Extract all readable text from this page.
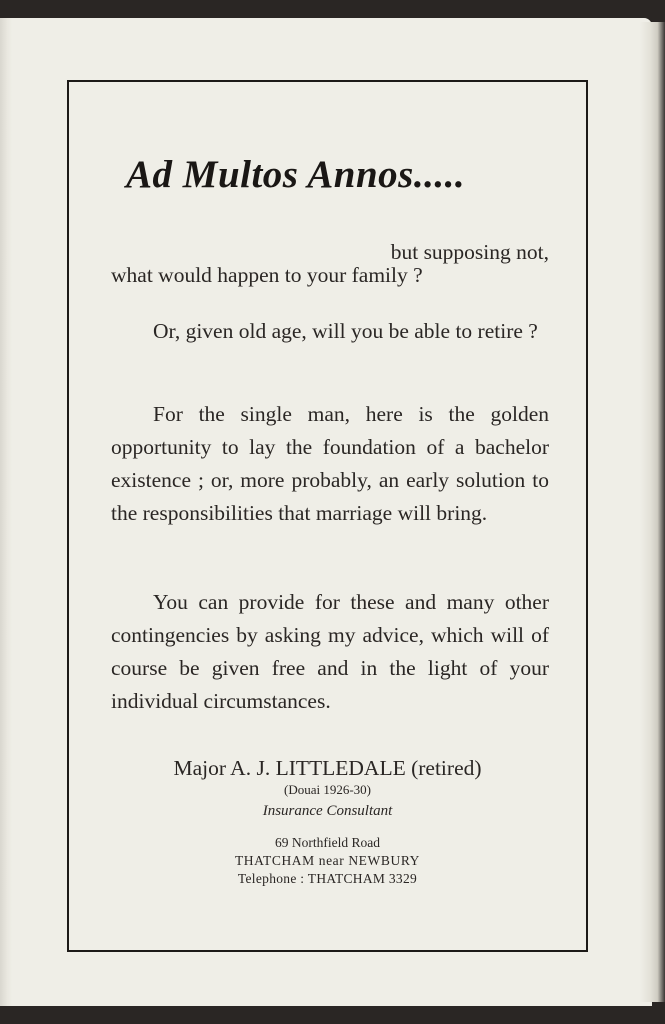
Ad Multos Annos.....
but supposing not,
what would happen to your family ?
Or, given old age, will you be able to retire ?
For the single man, here is the golden opportunity to lay the foundation of a bachelor existence ; or, more probably, an early solution to the responsibilities that marriage will bring.
You can provide for these and many other contingencies by asking my advice, which will of course be given free and in the light of your individual circumstances.
Major A. J. LITTLEDALE (retired)
(Douai 1926-30)
Insurance Consultant
69 Northfield Road
THATCHAM near NEWBURY
Telephone : THATCHAM 3329
